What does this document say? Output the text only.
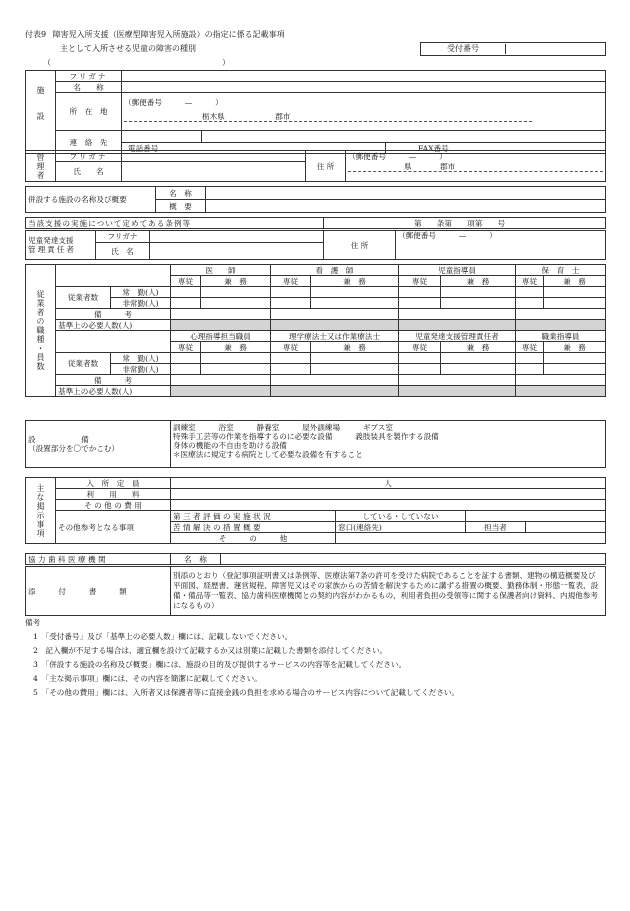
付表9 障害児入所支援（医療型障害児入所施設）の指定に係る記載事項
主として入所させる児童の障害の種別
（	）
受付番号
施設	フリガナ			
	名　　称			
	所　在　地	（郵便番号　　　—　　　）		

		栃木県 郡市		

	連　絡　先			
		電話番号		FAX番号
管理者	フリガナ		住 所	（郵便番号　　　—　　　）
	氏　　名			県 郡市
併設する施設の名称及び概要	名　称	
	概　要	
当該支援の実施について定めてある条例等	第　　条第　　項第　　号
児童発達支援
管理責任者	フリガナ		住 所	（郵便番号　　　—　　　）
	氏　名			
従業者の職種・員数			医　　師		看　護　師		児童指導員		保　育　士	
			専従	兼　務	専従	兼　務	専従	兼　務	専従	兼　務
	従業者数	常　勤(人)								
		非常勤(人)								
	備　　　考									
	基準上の必要人数(人)									
			心理指導担当職員		理学療法士又は作業療法士		児童発達支援管理責任者		職業指導員	
			専従	兼　務	専従	兼　務	専従	兼　務	専従	兼　務
	従業者数	常　勤(人)								
		非常勤(人)								
	備　　　考									
	基準上の必要人数(人)									
設　　　　　　備
（設置部分を〇でかこむ）

訓練室　　　浴室　　　静養室　　　屋外訓練場　　　ギブス室
特殊手工芸等の作業を指導するのに必要な設備　　　義肢装具を製作する設備
身体の機能の不自由を助ける設備
＊医療法に規定する病院として必要な設備を有すること
主な掲示事項	入　所　定　員	人			
	利　　用　　料				
	そ の 他 の 費 用				
	その他参考となる事項	第 三 者 評 価 の 実 施 状 況	している・していない		
		苦 情 解 決 の 措 置 概 要	窓口(連絡先)	担当者	
		そ　　　の　　　他			
協 力 歯 科 医 療 機 関	名　称	
添　　　付　　　書　　　類	別添のとおり（登記事項証明書又は条例等、医療法第7条の許可を受けた病院であることを証する書類、建物の構造概要及び平面図、経歴書、運営規程、障害児又はその家族からの苦情を解決するために講ずる措置の概要、勤務体制・形態一覧表、設備・備品等一覧表、協力歯科医療機関との契約内容がわかるもの、利用者負担の受領等に関する保護者向け資料、内規他参考になるもの）
備考
1　「受付番号」及び「基準上の必要人数」欄には、記載しないでください。
2　記入欄が不足する場合は、適宜欄を設けて記載するか又は別葉に記載した書類を添付してください。
3　「併設する施設の名称及び概要」欄には、施設の目的及び提供するサービスの内容等を記載してください。
4　「主な掲示事項」欄には、その内容を簡潔に記載してください。
5　「その他の費用」欄には、入所者又は保護者等に直接金銭の負担を求める場合のサービス内容について記載してください。
